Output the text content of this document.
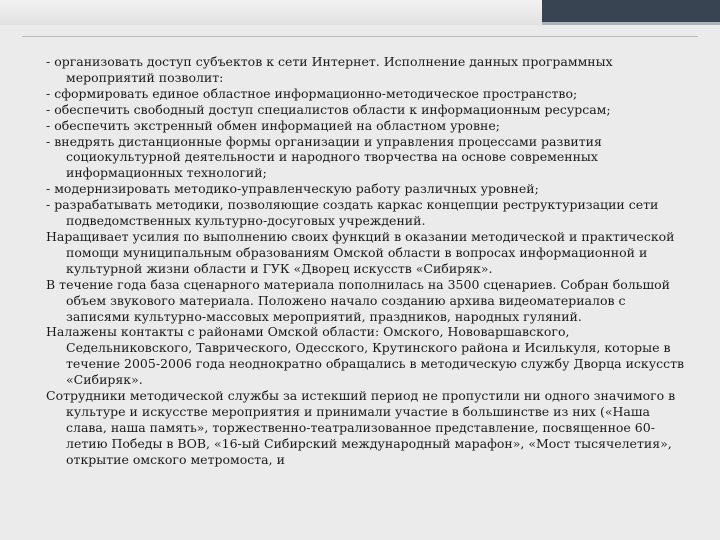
- организовать доступ субъектов к сети Интернет. Исполнение данных программных мероприятий позволит:

- сформировать единое областное информационно-методическое пространство;

- обеспечить свободный доступ специалистов области к информационным ресурсам;

- обеспечить экстренный обмен информацией на областном уровне;

- внедрять дистанционные формы организации и управления процессами развития социокультурной деятельности и народного творчества на основе современных информационных технологий;

- модернизировать методико-управленческую работу различных уровней;

- разрабатывать методики, позволяющие создать каркас концепции реструктуризации сети подведомственных культурно-досуговых учреждений.

Наращивает усилия по выполнению своих функций в оказании методической и практической помощи муниципальным образованиям Омской области в вопросах информационной и культурной жизни области и ГУК «Дворец искусств «Сибиряк».

В течение года база сценарного материала пополнилась на 3500 сценариев. Собран большой объем звукового материала. Положено начало созданию архива видеоматериалов с записями культурно-массовых мероприятий, праздников, народных гуляний.

Налажены контакты с районами Омской области: Омского, Нововаршавского, Седельниковского, Таврического, Одесского, Крутинского района и Исилькуля, которые в течение 2005-2006 года неоднократно обращались в методическую службу Дворца искусств «Сибиряк».

Сотрудники методической службы за истекший период не пропустили ни одного значимого в культуре и искусстве мероприятия и принимали участие в большинстве из них («Наша слава, наша память», торжественно-театрализованное представление, посвященное 60-летию Победы в ВОВ, «16-ый Сибирский международный марафон», «Мост тысячелетия», открытие омского метромоста, и
